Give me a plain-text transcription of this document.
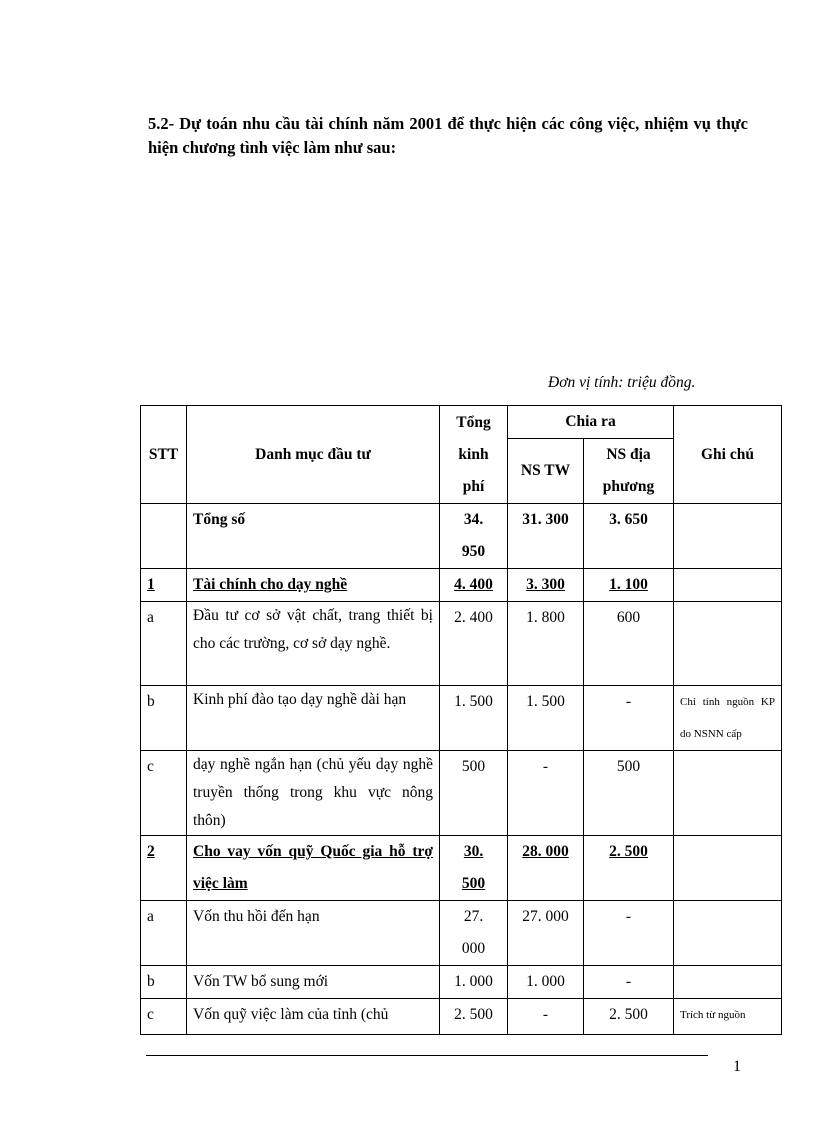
5.2- Dự toán nhu cầu tài chính năm 2001 để thực hiện các công việc, nhiệm vụ thực hiện chương tình việc làm như sau:
Đơn vị tính: triệu đồng.
STT	Danh mục đầu tư	Tổng kinh phí	Chia ra		Ghi chú
			NS TW	NS địa phương	
	Tổng số	34. 950	31. 300	3. 650	
1	Tài chính cho dạy nghề	4. 400	3. 300	1. 100	
a	Đầu tư cơ sở vật chất, trang thiết bị cho các trường, cơ sở dạy nghề.	2. 400	1. 800	600	
b	Kinh phí đào tạo dạy nghề dài hạn	1. 500	1. 500	-	Chỉ tính nguồn KP do NSNN cấp
c	dạy nghề ngắn hạn (chủ yếu dạy nghề truyền thống trong khu vực nông thôn)	500	-	500	
2	Cho vay vốn quỹ Quốc gia hỗ trợ việc làm	30. 500	28. 000	2. 500	
a	Vốn thu hồi đến hạn	27. 000	27. 000	-	
b	Vốn TW bổ sung mới	1. 000	1. 000	-	
c	Vốn quỹ việc làm của tỉnh (chủ	2. 500	-	2. 500	Trích từ nguồn
1
